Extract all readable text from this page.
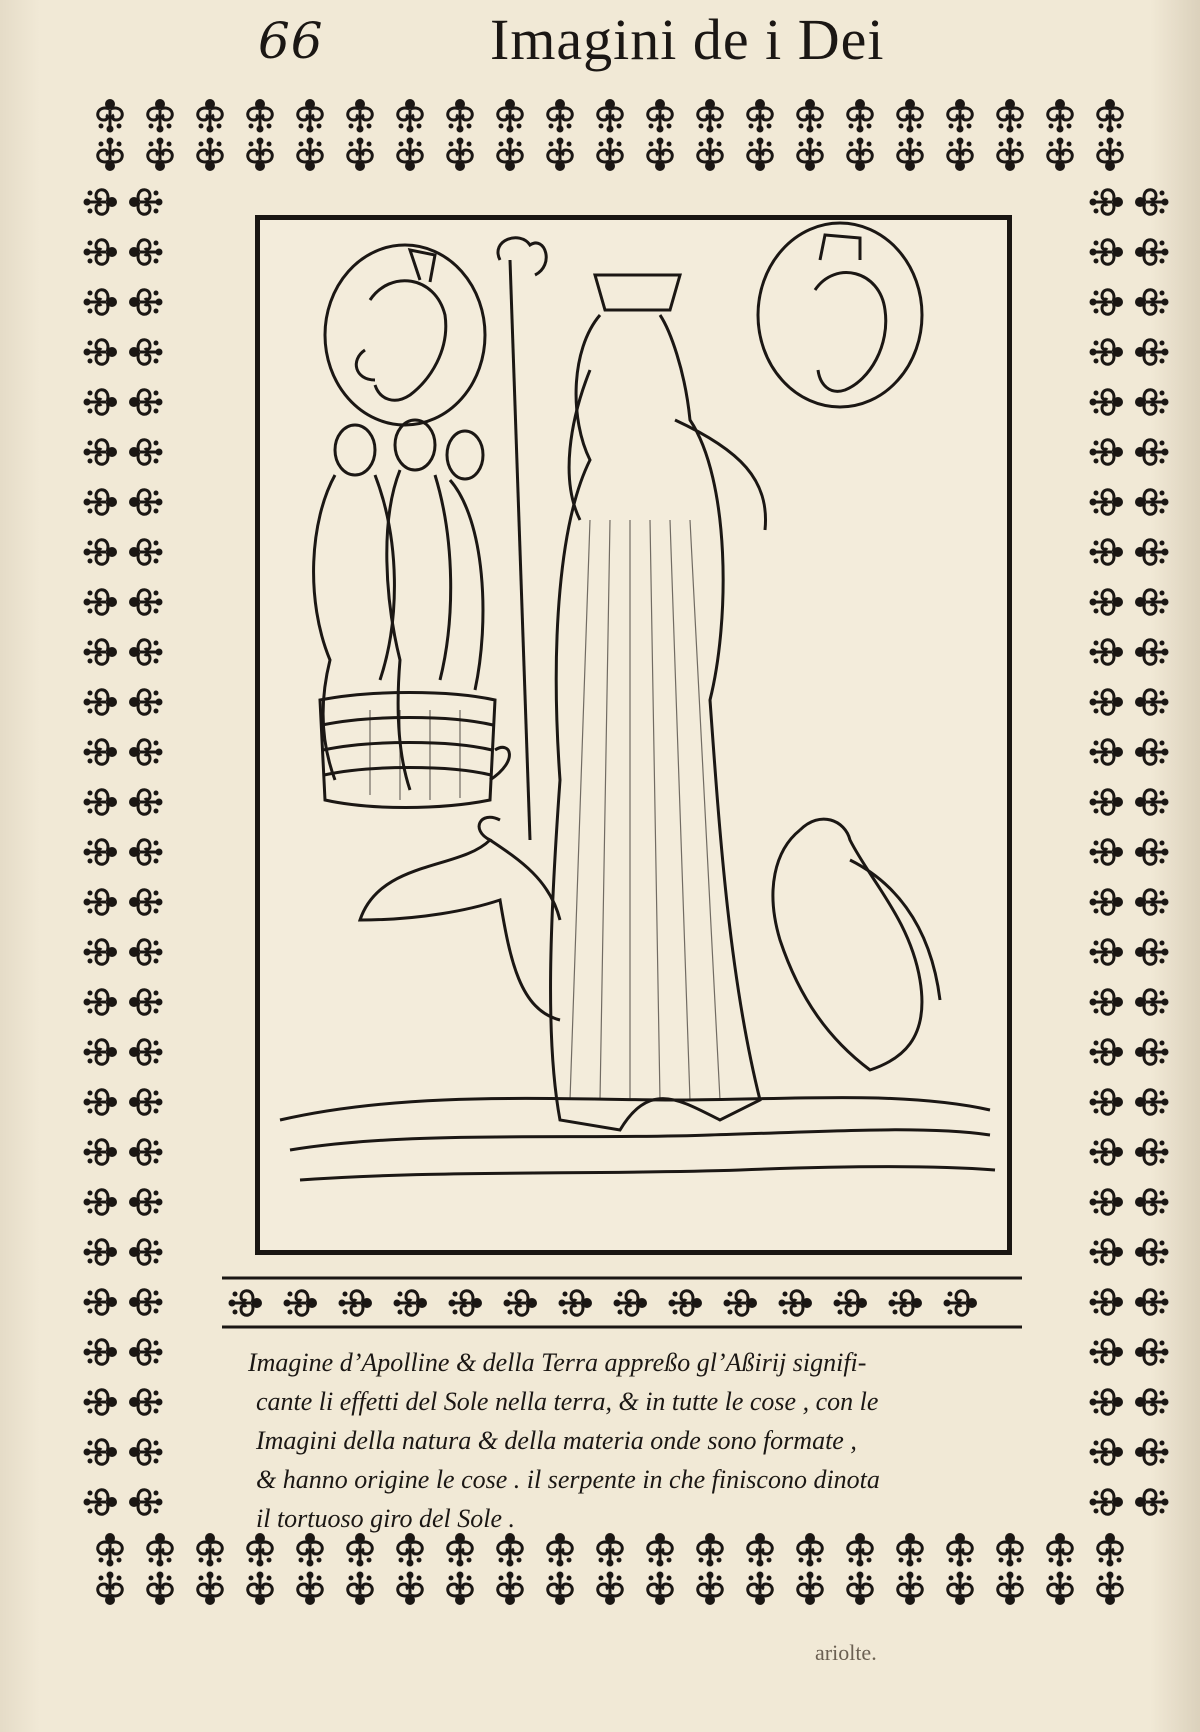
66	Imagini de i Dei
Imagine d’Apolline & della Terra appreßo gl’Aßirij signifi-
cante li effetti del Sole nella terra, & in tutte le cose , con le
Imagini della natura & della materia onde sono formate ,
& hanno origine le cose . il serpente in che finiscono dinota
il tortuoso giro del Sole .
ariolte.
